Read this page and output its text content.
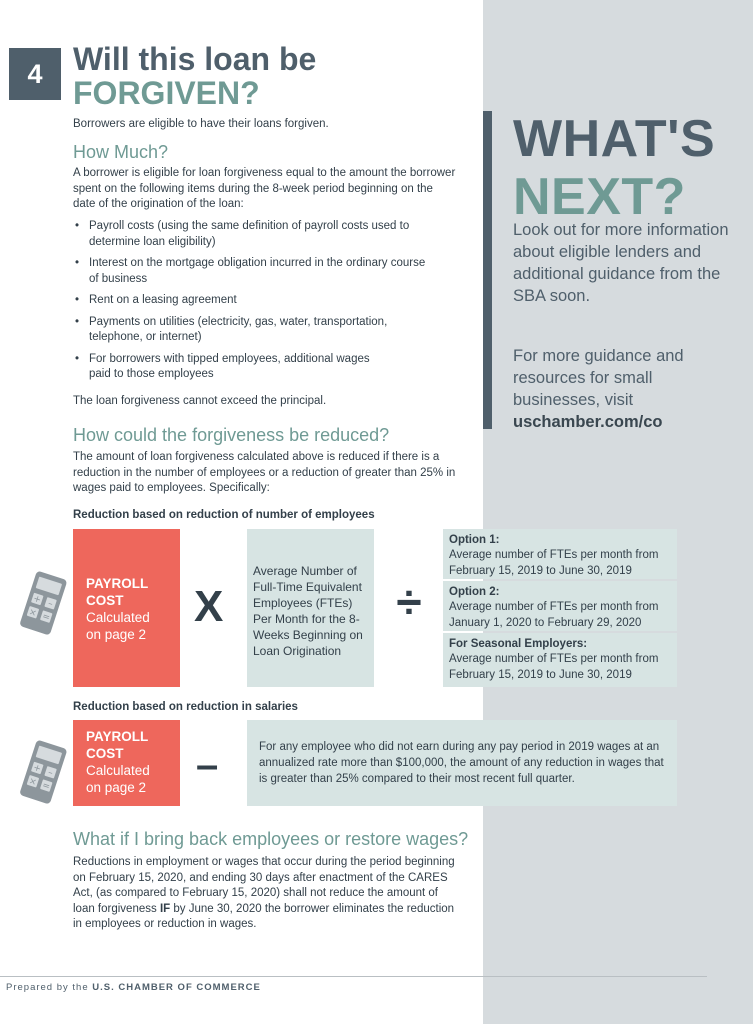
WHAT'S
NEXT?
Look out for more information about eligible lenders and additional guidance from the SBA soon.
For more guidance and resources for small businesses, visit
uschamber.com/co
4 Will this loan be
FORGIVEN?
Borrowers are eligible to have their loans forgiven.
How Much?
A borrower is eligible for loan forgiveness equal to the amount the borrower spent on the following items during the 8-week period beginning on the date of the origination of the loan:
• Payroll costs (using the same definition of payroll costs used to determine loan eligibility)
• Interest on the mortgage obligation incurred in the ordinary course of business
• Rent on a leasing agreement
• Payments on utilities (electricity, gas, water, transportation, telephone, or internet)
• For borrowers with tipped employees, additional wages paid to those employees
The loan forgiveness cannot exceed the principal.
How could the forgiveness be reduced?
The amount of loan forgiveness calculated above is reduced if there is a reduction in the number of employees or a reduction of greater than 25% in wages paid to employees. Specifically:
Reduction based on reduction of number of employees
+ –
× =
PAYROLL
COST
Calculated
on page 2
X
Average Number of Full-Time Equivalent Employees (FTEs) Per Month for the 8-Weeks Beginning on Loan Origination
÷
Option 1:
Average number of FTEs per month from February 15, 2019 to June 30, 2019
Option 2:
Average number of FTEs per month from January 1, 2020 to February 29, 2020
For Seasonal Employers:
Average number of FTEs per month from February 15, 2019 to June 30, 2019
Reduction based on reduction in salaries
+ –
× =
PAYROLL
COST
Calculated
on page 2
–	For any employee who did not earn during any pay period in 2019 wages at an annualized rate more than $100,000, the amount of any reduction in wages that is greater than 25% compared to their most recent full quarter.
What if I bring back employees or restore wages?
Reductions in employment or wages that occur during the period beginning on February 15, 2020, and ending 30 days after enactment of the CARES Act, (as compared to February 15, 2020) shall not reduce the amount of loan forgiveness IF by June 30, 2020 the borrower eliminates the reduction in employees or reduction in wages.
Prepared by the U.S. CHAMBER OF COMMERCE
